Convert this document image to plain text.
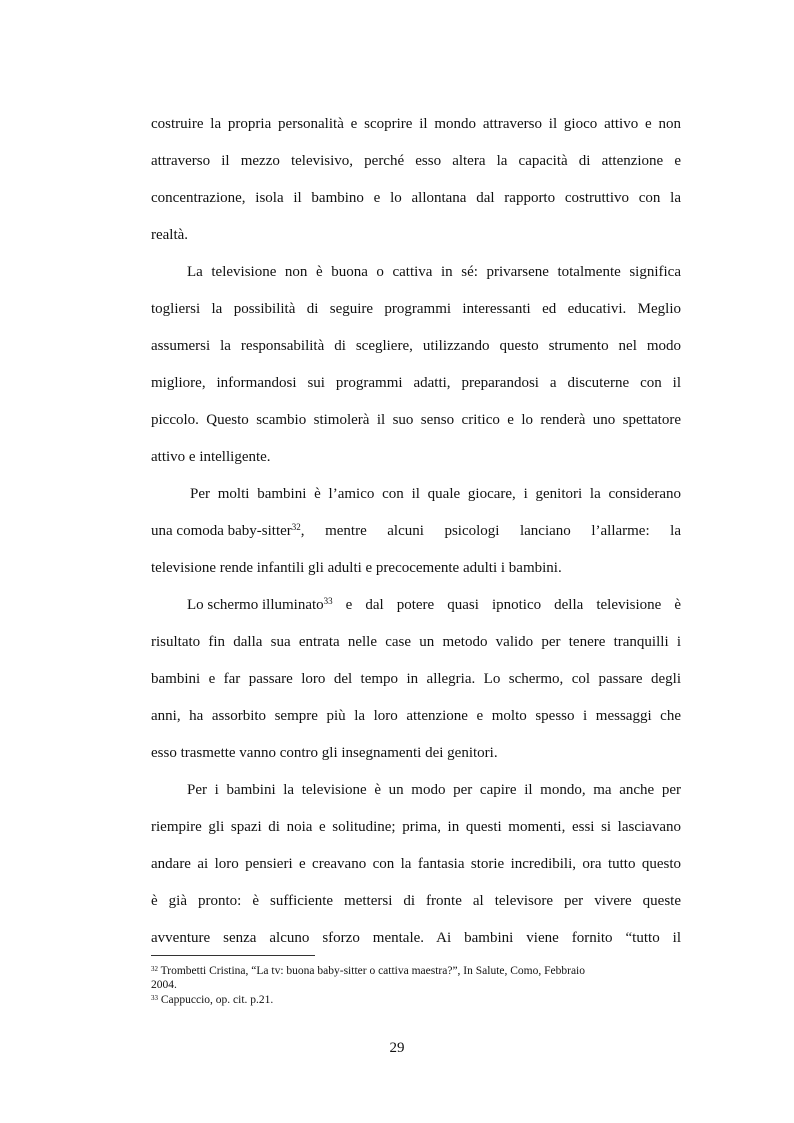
costruire la propria personalità e scoprire il mondo attraverso il gioco attivo e non
attraverso il mezzo televisivo, perché esso altera la capacità di attenzione e
concentrazione, isola il bambino e lo allontana dal rapporto costruttivo con la
realtà.
La televisione non è buona o cattiva in sé: privarsene totalmente significa
togliersi la possibilità di seguire programmi interessanti ed educativi. Meglio
assumersi la responsabilità di scegliere, utilizzando questo strumento nel modo
migliore, informandosi sui programmi adatti, preparandosi a discuterne con il
piccolo. Questo scambio stimolerà il suo senso critico e lo renderà uno spettatore
attivo e intelligente.
Per molti bambini è l’amico con il quale giocare, i genitori la considerano
una comoda baby-sitter$^{32}$ , mentre alcuni psicologi lanciano l’allarme: la
televisione rende infantili gli adulti e precocemente adulti i bambini.
Lo schermo illuminato$^{33}$ e dal potere quasi ipnotico della televisione è
risultato fin dalla sua entrata nelle case un metodo valido per tenere tranquilli i
bambini e far passare loro del tempo in allegria. Lo schermo, col passare degli
anni, ha assorbito sempre più la loro attenzione e molto spesso i messaggi che
esso trasmette vanno contro gli insegnamenti dei genitori.
Per i bambini la televisione è un modo per capire il mondo, ma anche per
riempire gli spazi di noia e solitudine; prima, in questi momenti, essi si lasciavano
andare ai loro pensieri e creavano con la fantasia storie incredibili, ora tutto questo
è già pronto: è sufficiente mettersi di fronte al televisore per vivere queste
avventure senza alcuno sforzo mentale. Ai bambini viene fornito “tutto il
$^{32}$ Trombetti Cristina, “La tv: buona baby-sitter o cattiva maestra?”, In Salute, Como, Febbraio
2004.
$^{33}$ Cappuccio, op. cit. p.21.
29
